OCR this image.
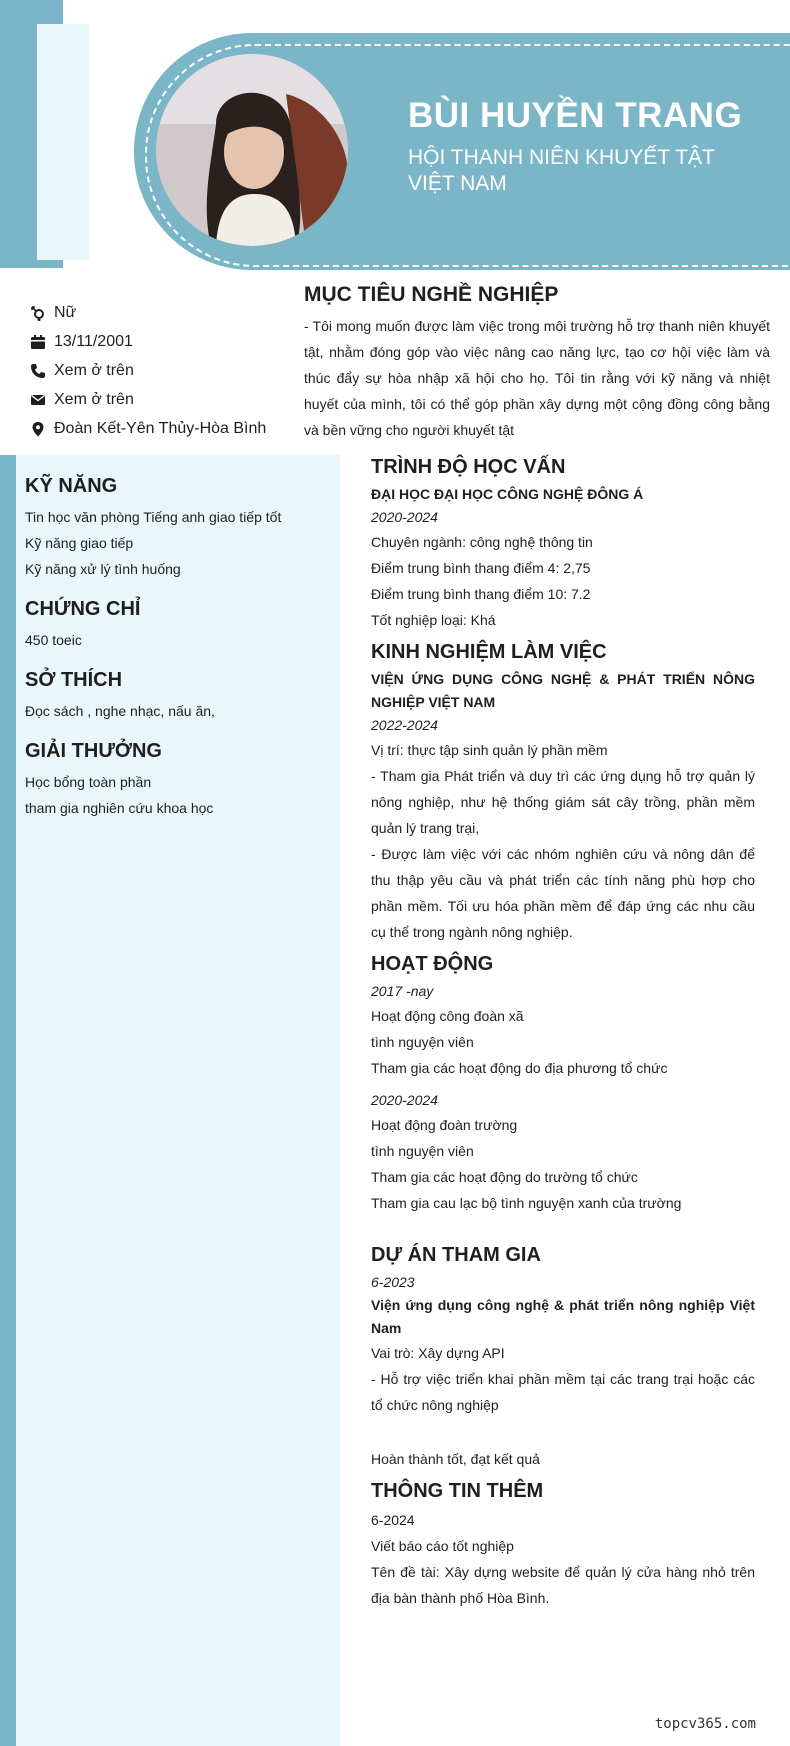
BÙI HUYỀN TRANG
HỘI THANH NIÊN KHUYẾT TẬT VIỆT NAM
Nữ
13/11/2001
Xem ở trên
Xem ở trên
Đoàn Kết-Yên Thủy-Hòa Bình
MỤC TIÊU NGHỀ NGHIỆP
- Tôi mong muốn được làm việc trong môi trường hỗ trợ thanh niên khuyết tật, nhằm đóng góp vào việc nâng cao năng lực, tạo cơ hội việc làm và thúc đẩy sự hòa nhập xã hội cho họ. Tôi tin rằng với kỹ năng và nhiệt huyết của mình, tôi có thể góp phần xây dựng một cộng đồng công bằng và bền vững cho người khuyết tật
KỸ NĂNG
Tin học văn phòng Tiếng anh giao tiếp tốt
Kỹ năng giao tiếp
Kỹ năng xử lý tình huống
CHỨNG CHỈ
450 toeic
SỞ THÍCH
Đọc sách , nghe nhạc, nấu ăn,
GIẢI THƯỞNG
Học bổng toàn phần
tham gia nghiên cứu khoa học
TRÌNH ĐỘ HỌC VẤN
ĐẠI HỌC ĐẠI HỌC CÔNG NGHỆ ĐÔNG Á
2020-2024
Chuyên ngành: công nghệ thông tin
Điểm trung bình thang điểm 4: 2,75
Điểm trung bình thang điểm 10: 7.2
Tốt nghiệp loại: Khá
KINH NGHIỆM LÀM VIỆC
VIỆN ỨNG DỤNG CÔNG NGHỆ & PHÁT TRIỂN NÔNG NGHIỆP VIỆT NAM
2022-2024
Vị trí: thực tập sinh quản lý phần mềm
- Tham gia Phát triển và duy trì các ứng dụng hỗ trợ quản lý nông nghiệp, như hệ thống giám sát cây trồng, phần mềm quản lý trang trại,
- Được làm việc với các nhóm nghiên cứu và nông dân để thu thập yêu cầu và phát triển các tính năng phù hợp cho phần mềm. Tối ưu hóa phần mềm để đáp ứng các nhu cầu cụ thể trong ngành nông nghiệp.
HOẠT ĐỘNG
2017 -nay
Hoạt động công đoàn xã
tình nguyện viên
Tham gia các hoạt động do địa phương tổ chức
2020-2024
Hoạt động đoàn trường
tình nguyện viên
Tham gia các hoạt động do trường tổ chức
Tham gia cau lạc bộ tình nguyện xanh của trường
DỰ ÁN THAM GIA
6-2023
Viện ứng dụng công nghệ & phát triển nông nghiệp Việt Nam
Vai trò: Xây dựng API
- Hỗ trợ việc triển khai phần mềm tại các trang trại hoặc các tổ chức nông nghiệp
Hoàn thành tốt, đạt kết quả
THÔNG TIN THÊM
6-2024
Viết báo cáo tốt nghiệp
Tên đề tài: Xây dựng website để quản lý cửa hàng nhỏ trên địa bàn thành phố Hòa Bình.
topcv365.com
